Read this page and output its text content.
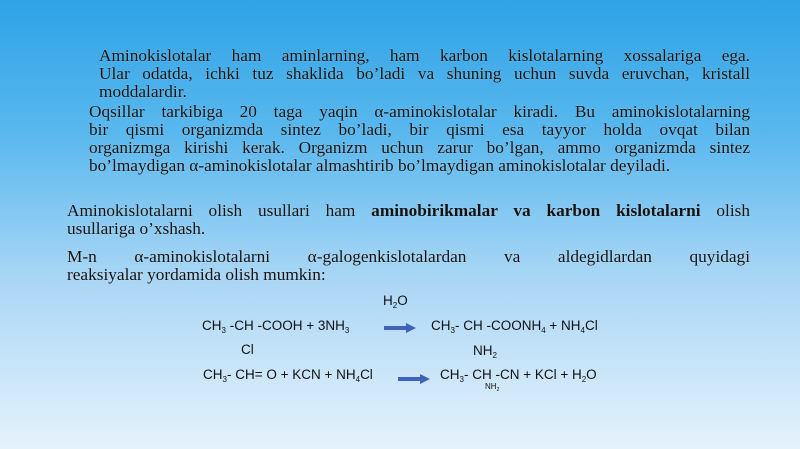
Aminokislotalar ham aminlarning, ham karbon kislotalarning xossalariga ega.
Ular odatda, ichki tuz shaklida bo’ladi va shuning uchun suvda eruvchan, kristall
moddalardir.
Oqsillar tarkibiga 20 taga yaqin α-aminokislotalar kiradi. Bu aminokislotalarning
bir qismi organizmda sintez bo’ladi, bir qismi esa tayyor holda ovqat bilan
organizmga kirishi kerak. Organizm uchun zarur bo’lgan, ammo organizmda sintez
bo’lmaydigan α-aminokislotalar almashtirib bo’lmaydigan aminokislotalar deyiladi.
Aminokislotalarni olish usullari ham aminobirikmalar va karbon kislotalarni olish
usullariga o’xshash.
M-n α-aminokislotalarni α-galogenkislotalardan va aldegidlardan quyidagi
reaksiyalar yordamida olish mumkin:
$H_2O$
$CH_3$ -CH -COOH + $3NH_3$	$CH_3-$ CH $-COONH_4 + NH_4Cl$
Cl	$NH_2$
$CH_3-$ CH= O + KCN + $NH_4Cl$	$CH_3-$ CH -CN + KCl + $H_2O$
$NH_2$
